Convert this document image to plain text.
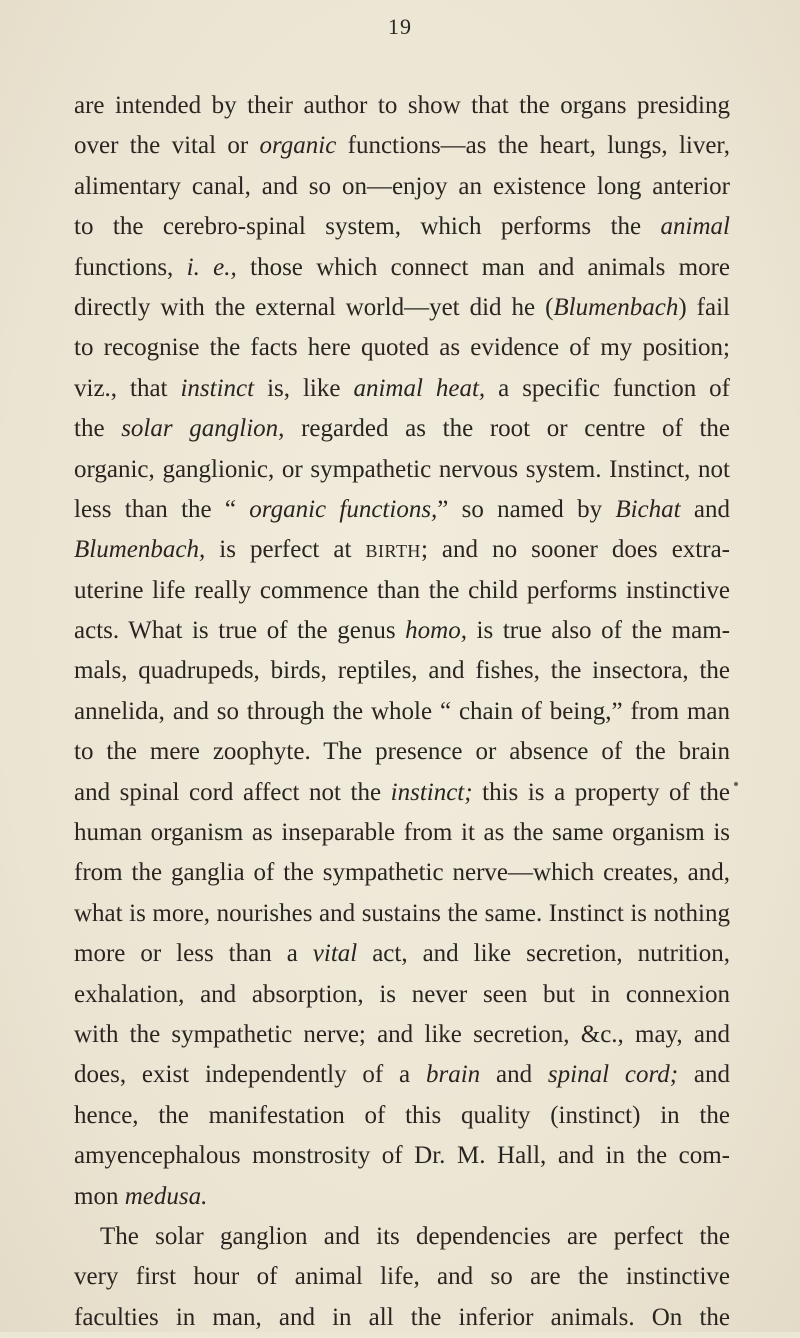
19
are intended by their author to show that the organs presiding
over the vital or organic functions—as the heart, lungs, liver,
alimentary canal, and so on—enjoy an existence long anterior
to the cerebro-spinal system, which performs the animal
functions, i. e., those which connect man and animals more
directly with the external world—yet did he (Blumenbach) fail
to recognise the facts here quoted as evidence of my position;
viz., that instinct is, like animal heat, a specific function of
the solar ganglion, regarded as the root or centre of the
organic, ganglionic, or sympathetic nervous system. Instinct, not
less than the “ organic functions,” so named by Bichat and
Blumenbach, is perfect at birth; and no sooner does extra-
uterine life really commence than the child performs instinctive
acts. What is true of the genus homo, is true also of the mam-
mals, quadrupeds, birds, reptiles, and fishes, the insectora, the
annelida, and so through the whole “ chain of being,” from man
to the mere zoophyte. The presence or absence of the brain
and spinal cord affect not the instinct; this is a property of the
human organism as inseparable from it as the same organism is
from the ganglia of the sympathetic nerve—which creates, and,
what is more, nourishes and sustains the same. Instinct is nothing
more or less than a vital act, and like secretion, nutrition,
exhalation, and absorption, is never seen but in connexion
with the sympathetic nerve; and like secretion, &c., may, and
does, exist independently of a brain and spinal cord; and
hence, the manifestation of this quality (instinct) in the
amyencephalous monstrosity of Dr. M. Hall, and in the com-
mon medusa.
The solar ganglion and its dependencies are perfect the
very first hour of animal life, and so are the instinctive
faculties in man, and in all the inferior animals. On the
